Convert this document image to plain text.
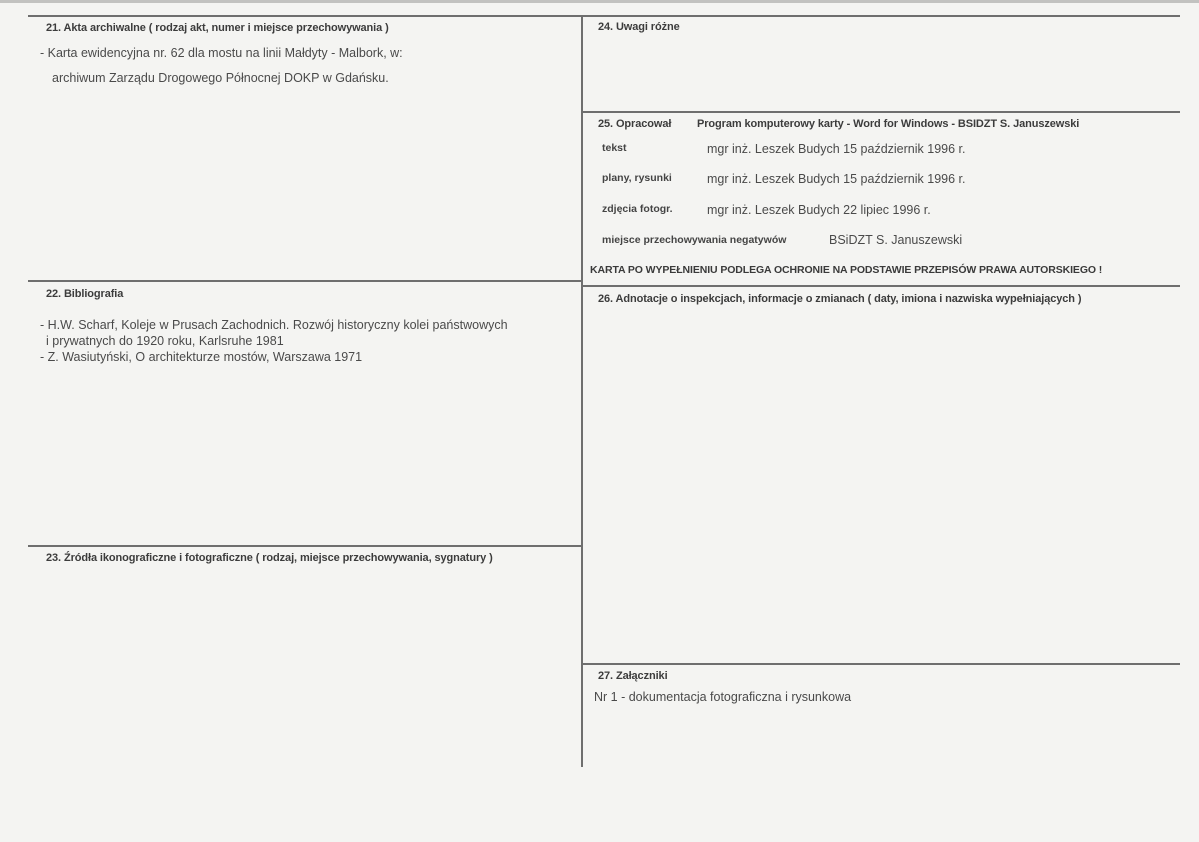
21. Akta archiwalne ( rodzaj akt, numer i miejsce przechowywania )
- Karta ewidencyjna nr. 62 dla mostu na linii Małdyty - Malbork, w:
archiwum Zarządu Drogowego Północnej DOKP w Gdańsku.
22. Bibliografia
- H.W. Scharf, Koleje w Prusach Zachodnich. Rozwój historyczny kolei państwowych
i prywatnych do 1920 roku, Karlsruhe 1981
- Z. Wasiutyński, O architekturze mostów, Warszawa 1971
23. Źródła ikonograficzne i fotograficzne ( rodzaj, miejsce przechowywania, sygnatury )
24. Uwagi różne
25. Opracował Program komputerowy karty - Word for Windows - BSIDZT S. Januszewski
tekst	mgr inż. Leszek Budych 15 październik 1996 r.
plany, rysunki	mgr inż. Leszek Budych 15 październik 1996 r.
zdjęcia fotogr.	mgr inż. Leszek Budych 22 lipiec 1996 r.
miejsce przechowywania negatywów	BSiDZT S. Januszewski
KARTA PO WYPEŁNIENIU PODLEGA OCHRONIE NA PODSTAWIE PRZEPISÓW PRAWA AUTORSKIEGO !
26. Adnotacje o inspekcjach, informacje o zmianach ( daty, imiona i nazwiska wypełniających )
27. Załączniki
Nr 1 - dokumentacja fotograficzna i rysunkowa
